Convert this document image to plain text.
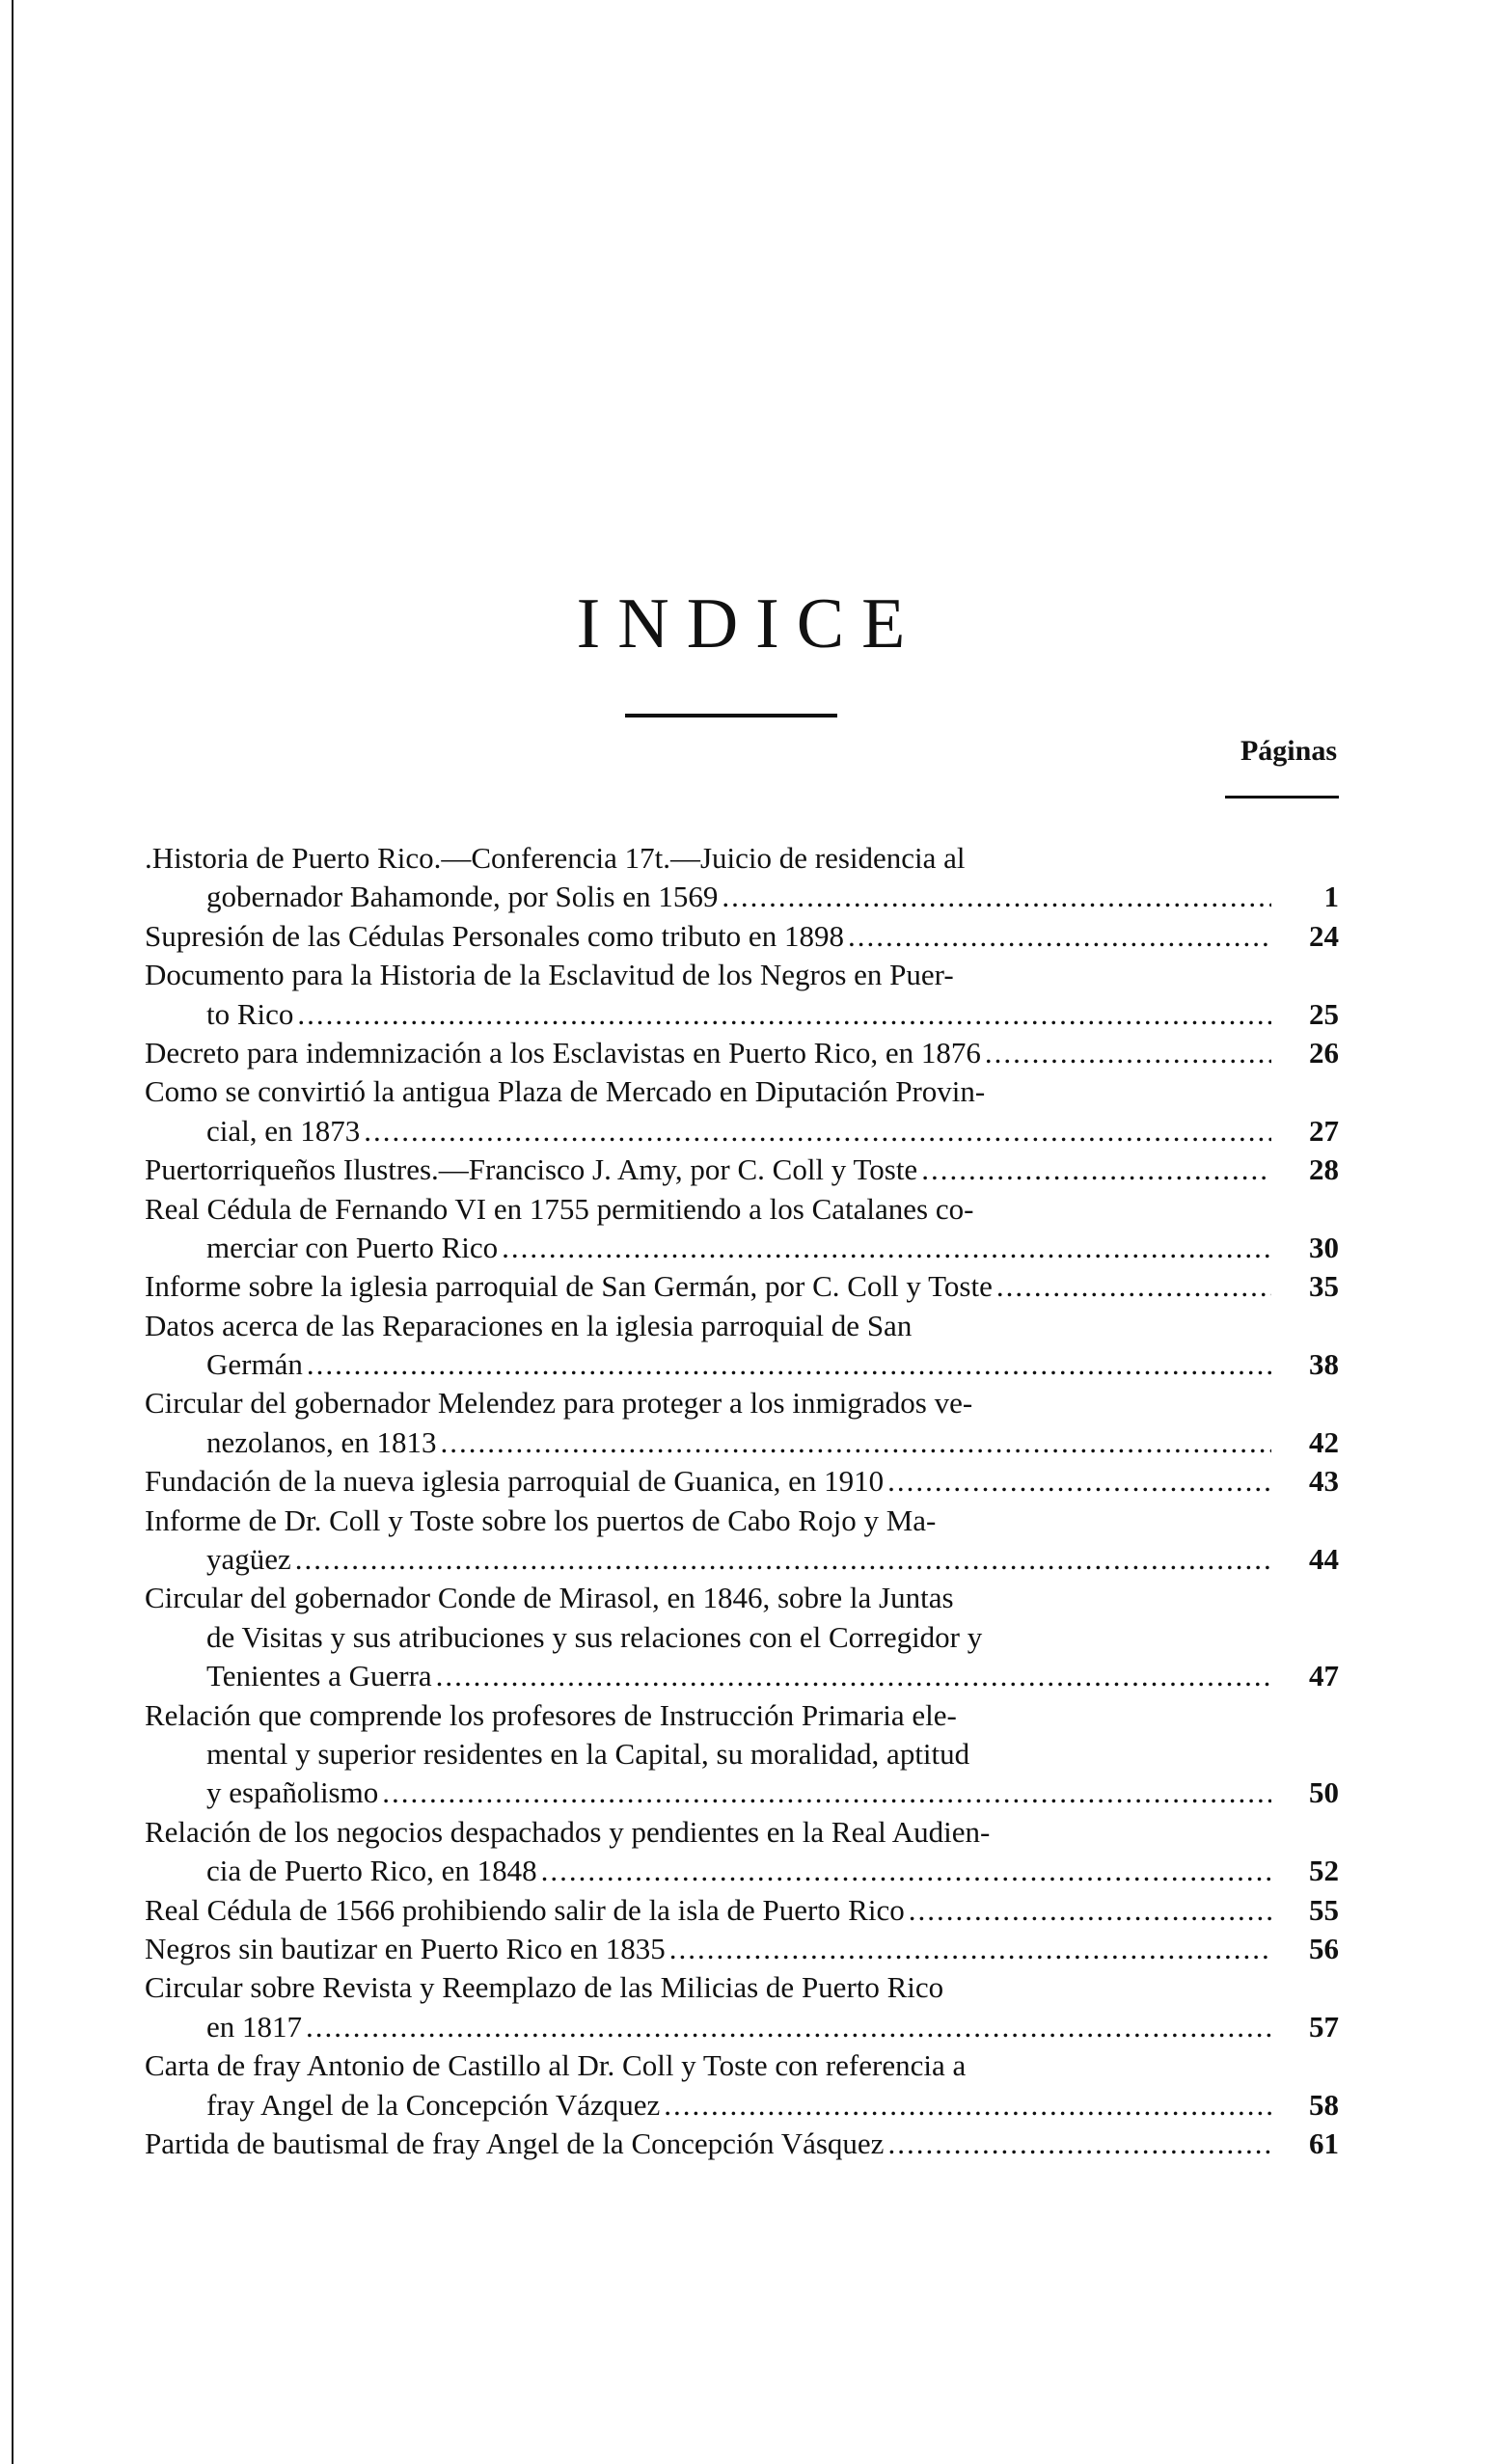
INDICE
Páginas
.Historia de Puerto Rico.—Conferencia 17t.—Juicio de residencia al
gobernador Bahamonde, por Solis en 1569 .....	1
Supresión de las Cédulas Personales como tributo en 1898 .....	24
Documento para la Historia de la Esclavitud de los Negros en Puer-
to Rico .....	25
Decreto para indemnización a los Esclavistas en Puerto Rico, en 1876 .....	26
Como se convirtió la antigua Plaza de Mercado en Diputación Provin-
cial, en 1873 .....	27
Puertorriqueños Ilustres.—Francisco J. Amy, por C. Coll y Toste .....	28
Real Cédula de Fernando VI en 1755 permitiendo a los Catalanes co-
merciar con Puerto Rico .....	30
Informe sobre la iglesia parroquial de San Germán, por C. Coll y Toste .....	35
Datos acerca de las Reparaciones en la iglesia parroquial de San
Germán .....	38
Circular del gobernador Melendez para proteger a los inmigrados ve-
nezolanos, en 1813 .....	42
Fundación de la nueva iglesia parroquial de Guanica, en 1910 .....	43
Informe de Dr. Coll y Toste sobre los puertos de Cabo Rojo y Ma-
yagüez .....	44
Circular del gobernador Conde de Mirasol, en 1846, sobre la Juntas
de Visitas y sus atribuciones y sus relaciones con el Corregidor y
Tenientes a Guerra .....	47
Relación que comprende los profesores de Instrucción Primaria ele-
mental y superior residentes en la Capital, su moralidad, aptitud
y españolismo .....	50
Relación de los negocios despachados y pendientes en la Real Audien-
cia de Puerto Rico, en 1848 .....	52
Real Cédula de 1566 prohibiendo salir de la isla de Puerto Rico .....	55
Negros sin bautizar en Puerto Rico en 1835 .....	56
Circular sobre Revista y Reemplazo de las Milicias de Puerto Rico
en 1817 .....	57
Carta de fray Antonio de Castillo al Dr. Coll y Toste con referencia a
fray Angel de la Concepción Vázquez .....	58
Partida de bautismal de fray Angel de la Concepción Vásquez .....	61
